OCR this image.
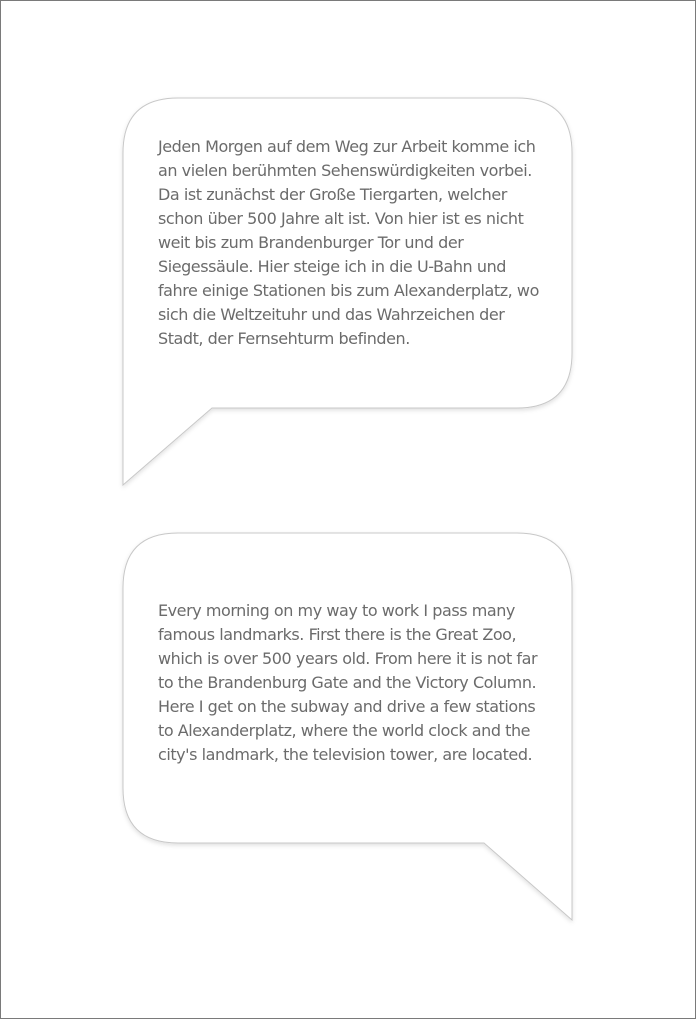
Jeden Morgen auf dem Weg zur Arbeit komme ich an vielen berühmten Sehenswürdigkeiten vorbei. Da ist zunächst der Große Tiergarten, welcher schon über 500 Jahre alt ist. Von hier ist es nicht weit bis zum Brandenburger Tor und der Siegessäule. Hier steige ich in die U-Bahn und fahre einige Stationen bis zum Alexanderplatz, wo sich die Weltzeituhr und das Wahrzeichen der Stadt, der Fernsehturm befinden.

Every morning on my way to work I pass many famous landmarks. First there is the Great Zoo, which is over 500 years old. From here it is not far to the Brandenburg Gate and the Victory Column. Here I get on the subway and drive a few stations to Alexanderplatz, where the world clock and the city's landmark, the television tower, are located.
